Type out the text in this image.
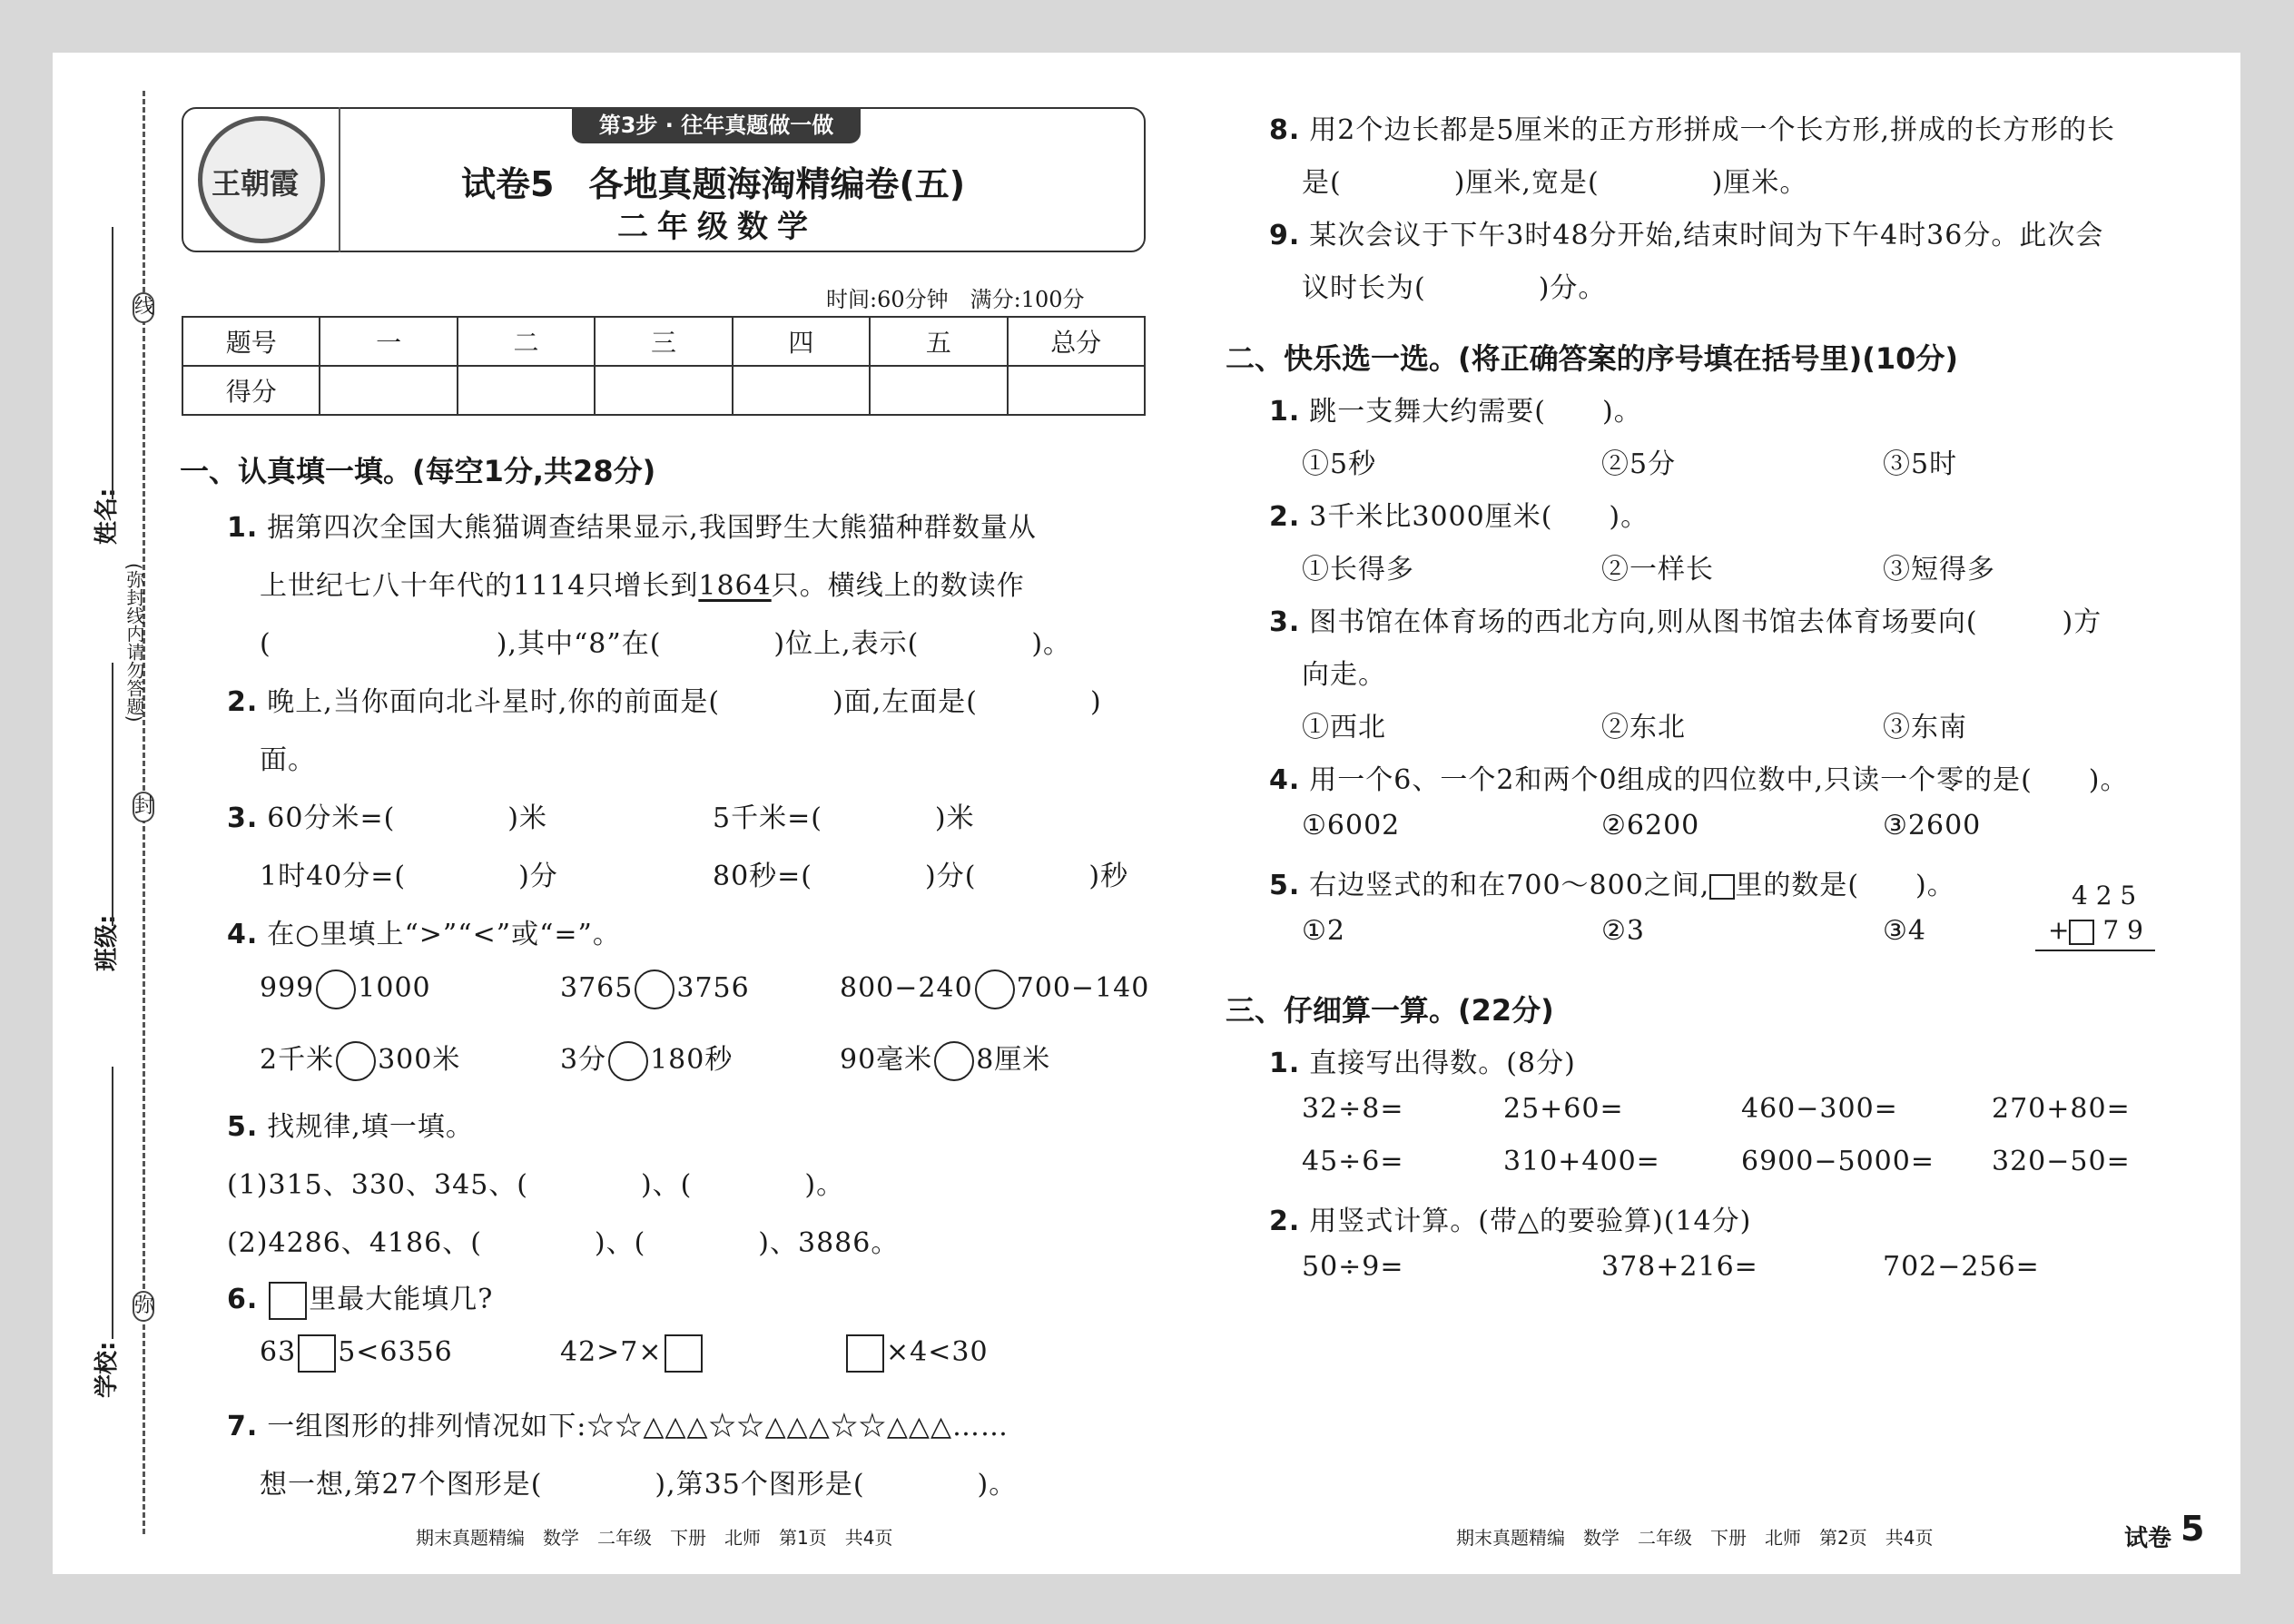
线
封
弥
(弥封线内请勿答题)
学校:
班级:
姓名:
王朝霞
第3步 · 往年真题做一做
试卷5　各地真题海淘精编卷(五)
二年级数学
时间:60分钟　满分:100分
题号	一	二	三	四	五	总分
得分						
一、认真填一填。(每空1分,共28分)
1. 据第四次全国大熊猫调查结果显示,我国野生大熊猫种群数量从
上世纪七八十年代的1114只增长到1864只。横线上的数读作
(　　　　　　　　),其中“8”在(　　　　)位上,表示(　　　　)。
2. 晚上,当你面向北斗星时,你的前面是(　　　　)面,左面是(　　　　)
面。
3. 60分米=(　　　　)米	5千米=(　　　　)米
1时40分=(　　　　)分	80秒=(　　　　)分(　　　　)秒
4. 在○里填上“>”“<”或“=”。
999 1000	3765 3756	800−240 700−140
2千米 300米	3分 180秒	90毫米 8厘米
5. 找规律,填一填。
(1)315、330、345、(　　　　)、(　　　　)。
(2)4286、4186、(　　　　)、(　　　　)、3886。
6. 里最大能填几?
63 5<6356	42>7×	×4<30
7. 一组图形的排列情况如下:☆☆△△△☆☆△△△☆☆△△△……
想一想,第27个图形是(　　　　),第35个图形是(　　　　)。
8. 用2个边长都是5厘米的正方形拼成一个长方形,拼成的长方形的长
是(　　　　)厘米,宽是(　　　　)厘米。
9. 某次会议于下午3时48分开始,结束时间为下午4时36分。此次会
议时长为(　　　　)分。
二、快乐选一选。(将正确答案的序号填在括号里)(10分)
1. 跳一支舞大约需要(　　)。
①5秒	②5分	③5时
2. 3千米比3000厘米(　　)。
①长得多	②一样长	③短得多
3. 图书馆在体育场的西北方向,则从图书馆去体育场要向(　　　)方
向走。
①西北	②东北	③东南
4. 用一个6、一个2和两个0组成的四位数中,只读一个零的是(　　)。
①6002	②6200	③2600
5. 右边竖式的和在700～800之间, 里的数是(　　)。
①2	②3	③4
4 2 5
+ 7 9
三、仔细算一算。(22分)
1. 直接写出得数。(8分)
32÷8=	25+60=	460−300=	270+80=
45÷6=	310+400=	6900−5000= 320−50=
2. 用竖式计算。(带△的要验算)(14分)
50÷9=	378+216=	702−256=
期末真题精编　数学　二年级　下册　北师　第1页　共4页	期末真题精编　数学　二年级　下册　北师　第2页　共4页	试卷 5
